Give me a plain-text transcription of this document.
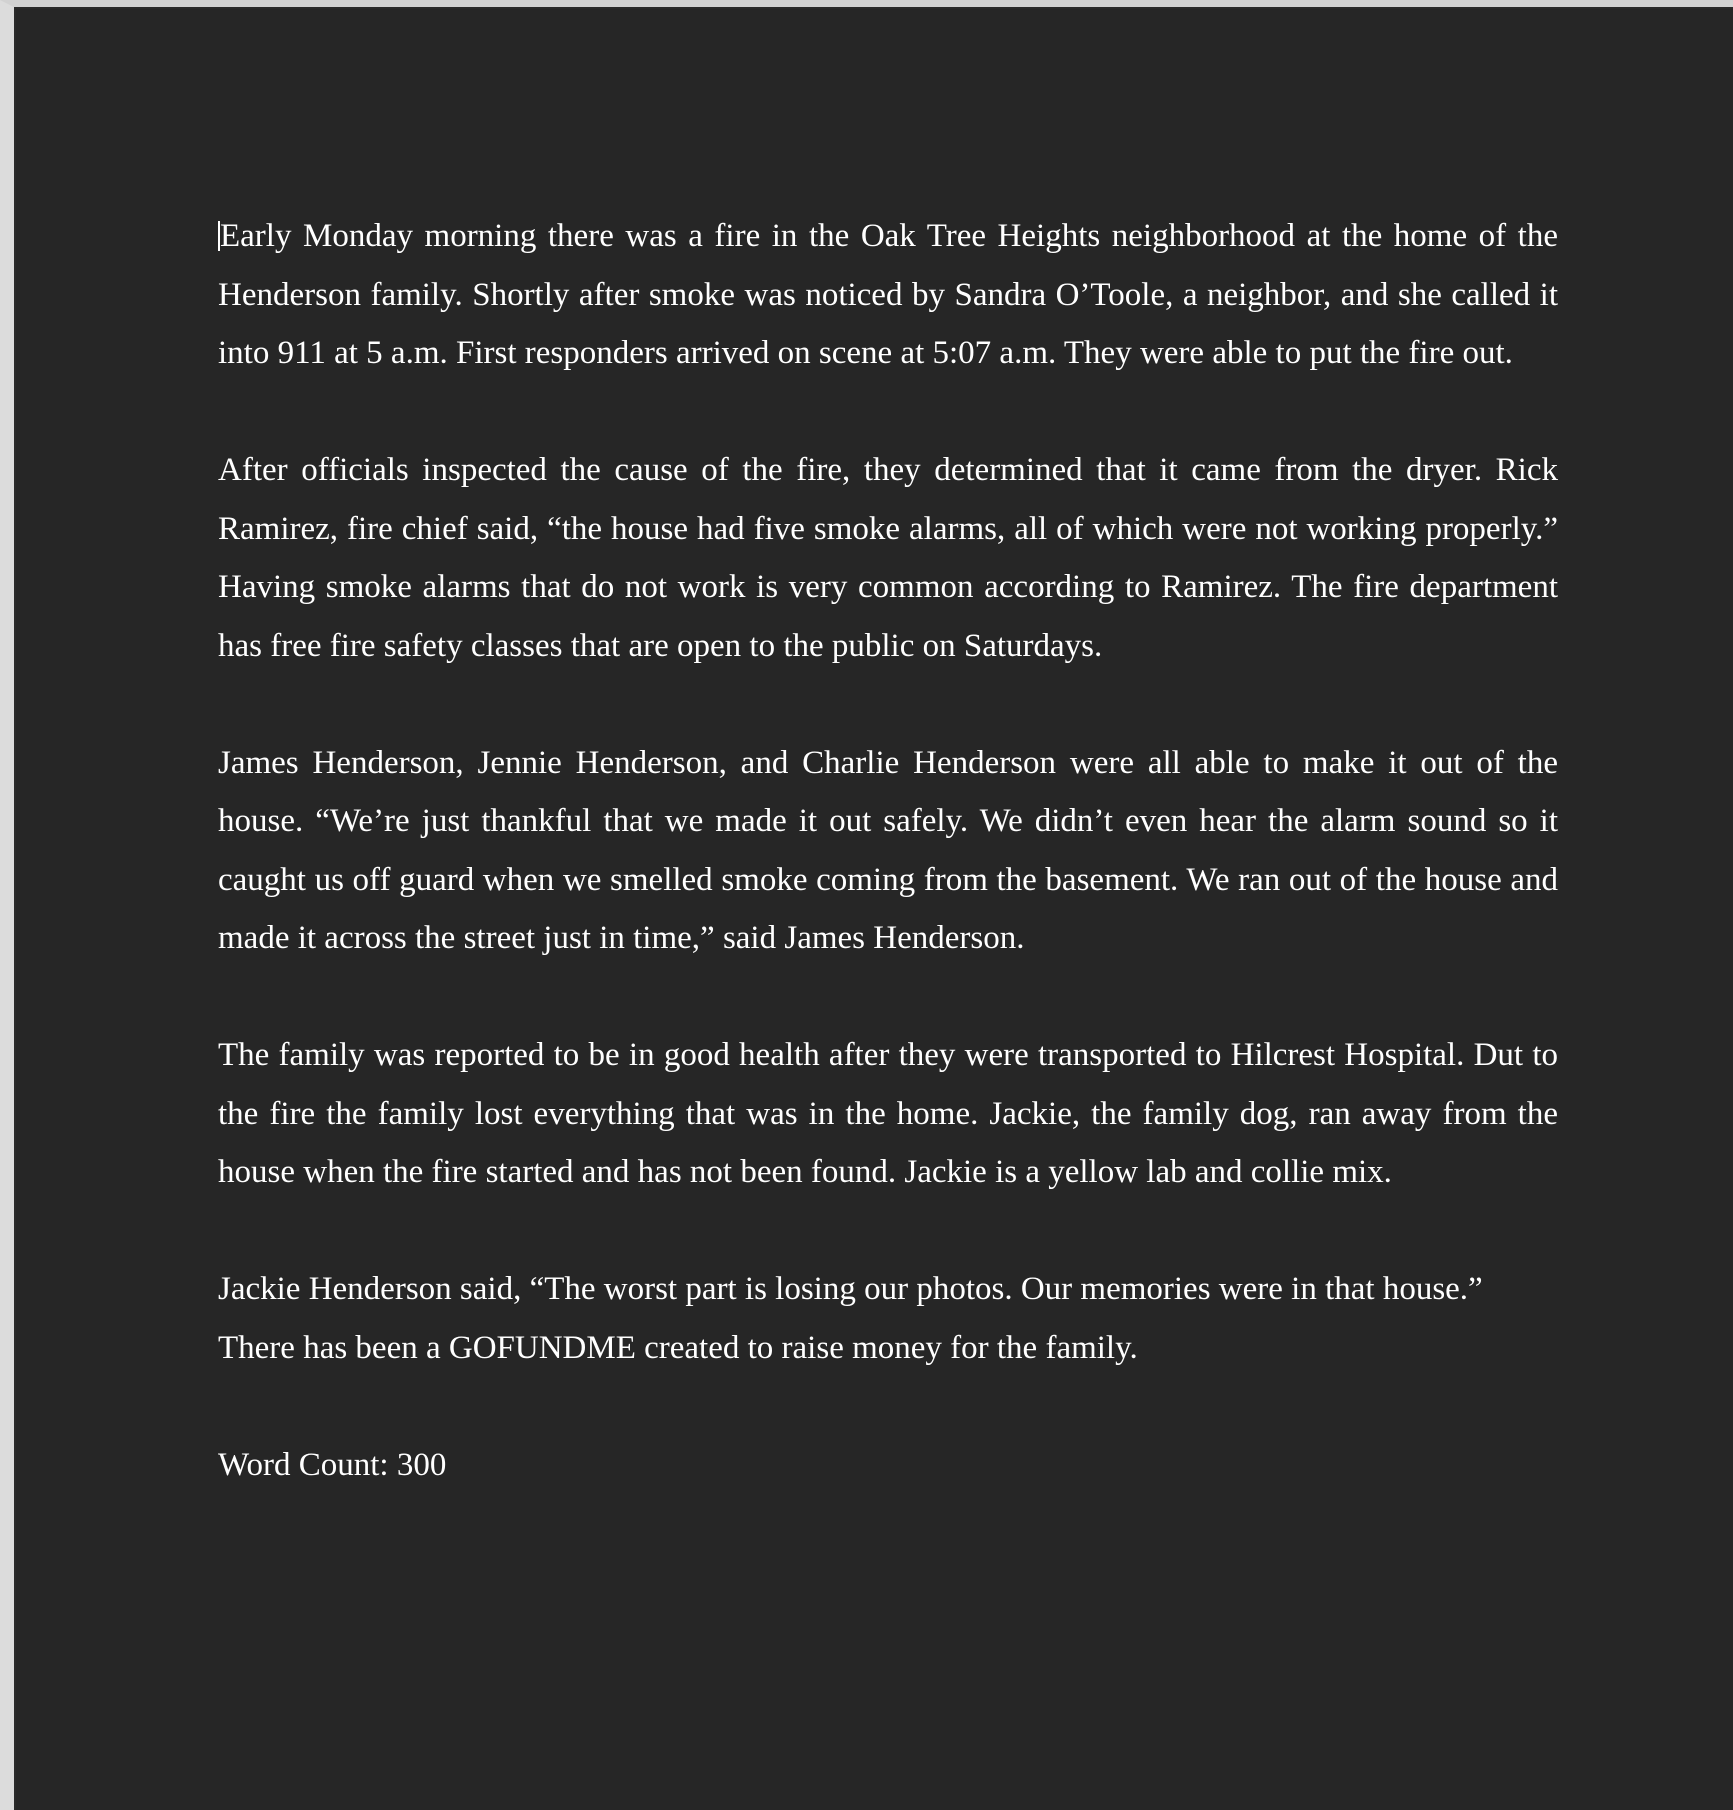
Early Monday morning there was a fire in the Oak Tree Heights neighborhood at the home of the Henderson family. Shortly after smoke was noticed by Sandra O’Toole, a neighbor, and she called it into 911 at 5 a.m. First responders arrived on scene at 5:07 a.m. They were able to put the fire out.

After officials inspected the cause of the fire, they determined that it came from the dryer. Rick Ramirez, fire chief said, “the house had five smoke alarms, all of which were not working properly.” Having smoke alarms that do not work is very common according to Ramirez. The fire department has free fire safety classes that are open to the public on Saturdays.

James Henderson, Jennie Henderson, and Charlie Henderson were all able to make it out of the house. “We’re just thankful that we made it out safely. We didn’t even hear the alarm sound so it caught us off guard when we smelled smoke coming from the basement. We ran out of the house and made it across the street just in time,” said James Henderson.

The family was reported to be in good health after they were transported to Hilcrest Hospital. Dut to the fire the family lost everything that was in the home. Jackie, the family dog, ran away from the house when the fire started and has not been found. Jackie is a yellow lab and collie mix.

Jackie Henderson said, “The worst part is losing our photos. Our memories were in that house.” There has been a GOFUNDME created to raise money for the family.

Word Count: 300
